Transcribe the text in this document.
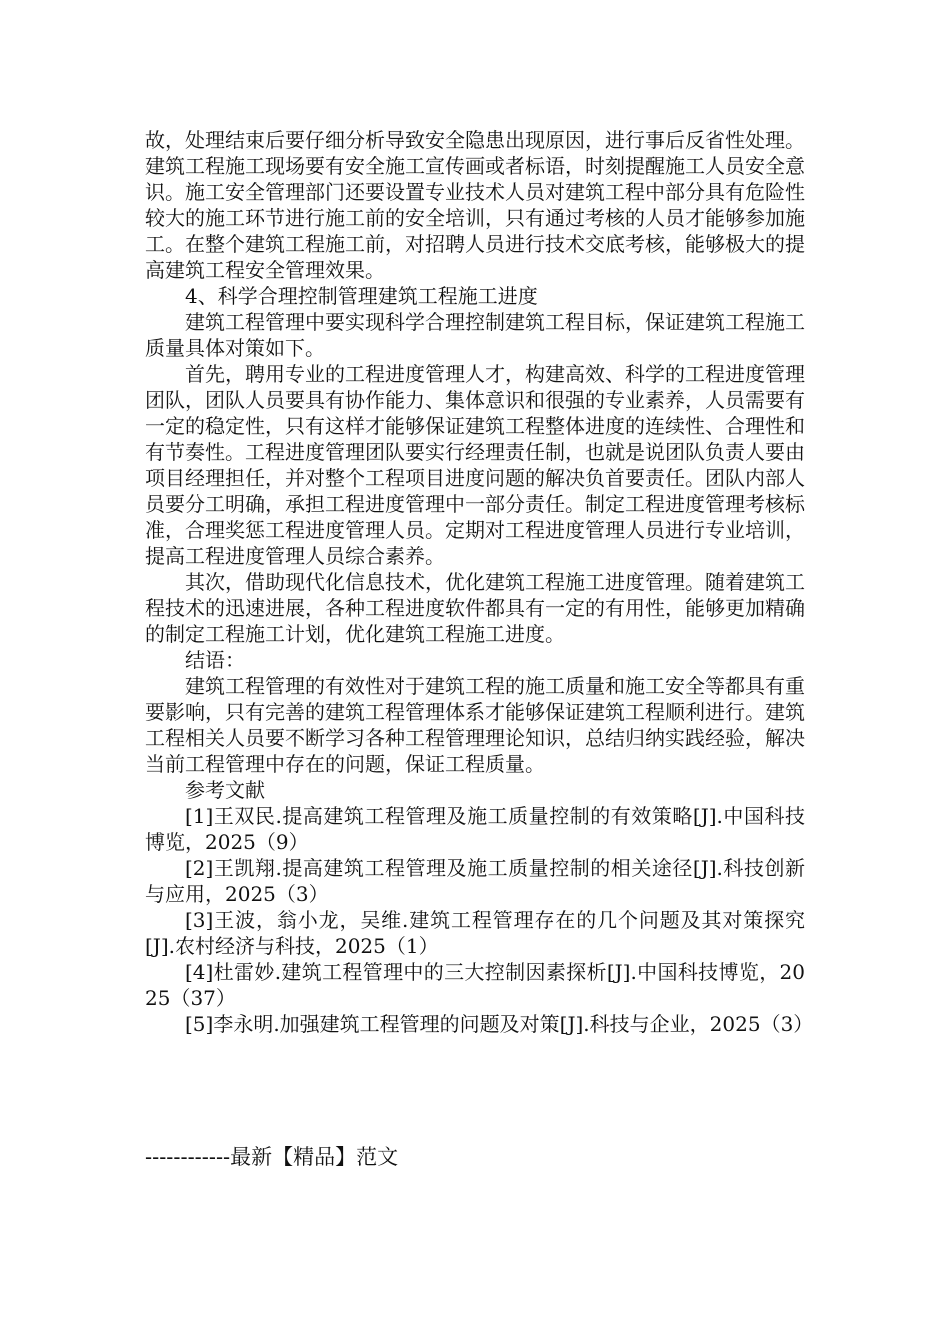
故，处理结束后要仔细分析导致安全隐患出现原因，进行事后反省性处理。建筑工程施工现场要有安全施工宣传画或者标语，时刻提醒施工人员安全意识。施工安全管理部门还要设置专业技术人员对建筑工程中部分具有危险性较大的施工环节进行施工前的安全培训，只有通过考核的人员才能够参加施工。在整个建筑工程施工前，对招聘人员进行技术交底考核，能够极大的提高建筑工程安全管理效果。

4、科学合理控制管理建筑工程施工进度

建筑工程管理中要实现科学合理控制建筑工程目标，保证建筑工程施工质量具体对策如下。

首先，聘用专业的工程进度管理人才，构建高效、科学的工程进度管理团队，团队人员要具有协作能力、集体意识和很强的专业素养，人员需要有一定的稳定性，只有这样才能够保证建筑工程整体进度的连续性、合理性和有节奏性。工程进度管理团队要实行经理责任制，也就是说团队负责人要由项目经理担任，并对整个工程项目进度问题的解决负首要责任。团队内部人员要分工明确，承担工程进度管理中一部分责任。制定工程进度管理考核标准，合理奖惩工程进度管理人员。定期对工程进度管理人员进行专业培训，提高工程进度管理人员综合素养。

其次，借助现代化信息技术，优化建筑工程施工进度管理。随着建筑工程技术的迅速进展，各种工程进度软件都具有一定的有用性，能够更加精确的制定工程施工计划，优化建筑工程施工进度。

结语：

建筑工程管理的有效性对于建筑工程的施工质量和施工安全等都具有重要影响，只有完善的建筑工程管理体系才能够保证建筑工程顺利进行。建筑工程相关人员要不断学习各种工程管理理论知识，总结归纳实践经验，解决当前工程管理中存在的问题，保证工程质量。

参考文献

[1]王双民.提高建筑工程管理及施工质量控制的有效策略[J].中国科技博览，2025（9）

[2]王凯翔.提高建筑工程管理及施工质量控制的相关途径[J].科技创新与应用，2025（3）

[3]王波，翁小龙，吴维.建筑工程管理存在的几个问题及其对策探究[J].农村经济与科技，2025（1）

[4]杜雷妙.建筑工程管理中的三大控制因素探析[J].中国科技博览，2025（37）

[5]李永明.加强建筑工程管理的问题及对策[J].科技与企业，2025（3）

------------最新【精品】范文
